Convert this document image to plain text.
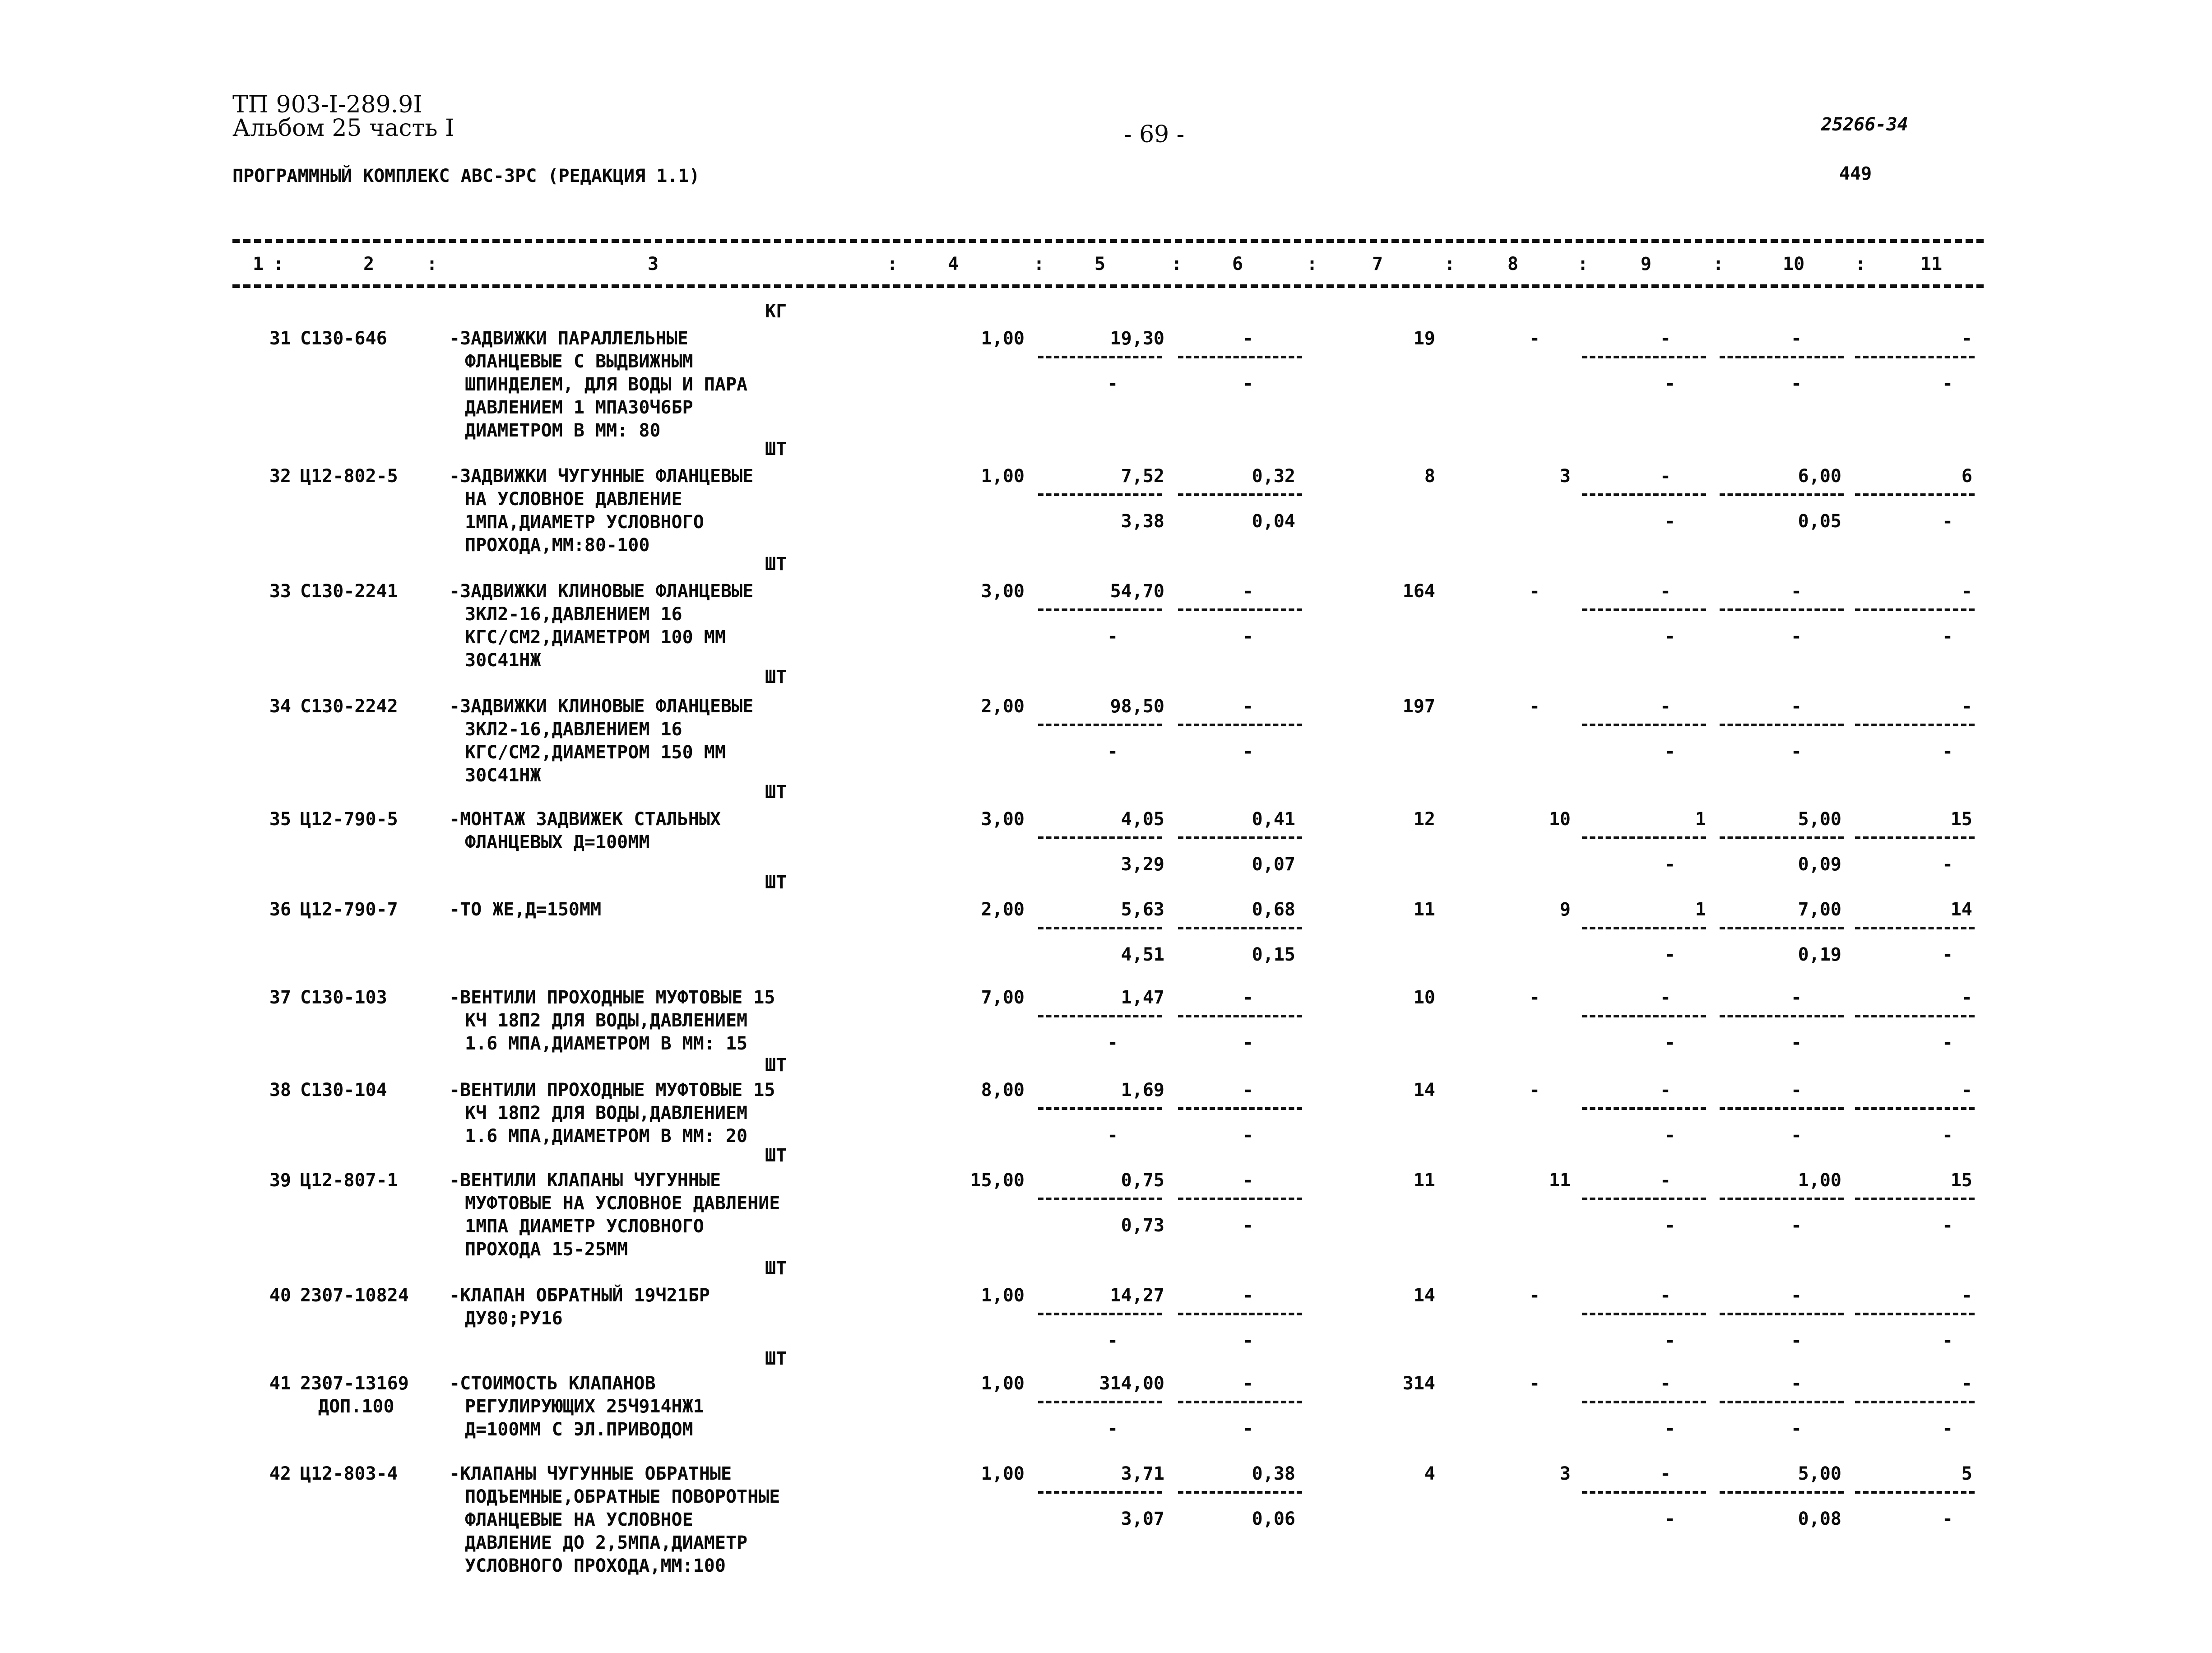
ТП 903-I-289.9I
Альбом 25 часть I	- 69 -	25266-34
ПРОГРАММНЫЙ КОМПЛЕКС АВС-3РС (РЕДАКЦИЯ 1.1)	449
1	2	3	4	5	6	7	8	9	10	11
:	:	:	:	:	:	:	:	:	:
31 С130-646	-ЗАДВИЖКИ ПАРАЛЛЕЛЬНЫЕ
ФЛАНЦЕВЫЕ С ВЫДВИЖНЫМ
ШПИНДЕЛЕМ, ДЛЯ ВОДЫ И ПАРА
ДАВЛЕНИЕМ 1 МПА30Ч6БР
ДИАМЕТРОМ В ММ: 80
КГ
1,00	19,30	-	19	-	-	-	-
-	-	-	-	-
32 Ц12-802-5	-ЗАДВИЖКИ ЧУГУННЫЕ ФЛАНЦЕВЫЕ
НА УСЛОВНОЕ ДАВЛЕНИЕ
1МПА,ДИАМЕТР УСЛОВНОГО
ПРОХОДА,ММ:80-100
ШТ
1,00	7,52	0,32	8	3	-	6,00	6
3,38	0,04	-	0,05	-
33 С130-2241	-ЗАДВИЖКИ КЛИНОВЫЕ ФЛАНЦЕВЫЕ
ЗКЛ2-16,ДАВЛЕНИЕМ 16
КГС/СМ2,ДИАМЕТРОМ 100 ММ
30С41НЖ
ШТ
3,00	54,70	-	164	-	-	-	-
-	-	-	-	-
34 С130-2242	-ЗАДВИЖКИ КЛИНОВЫЕ ФЛАНЦЕВЫЕ
ЗКЛ2-16,ДАВЛЕНИЕМ 16
КГС/СМ2,ДИАМЕТРОМ 150 ММ
30С41НЖ
ШТ
2,00	98,50	-	197	-	-	-	-
-	-	-	-	-
35 Ц12-790-5	-МОНТАЖ ЗАДВИЖЕК СТАЛЬНЫХ
ФЛАНЦЕВЫХ Д=100ММ
ШТ
3,00	4,05	0,41	12	10	1	5,00	15
3,29	0,07	-	0,09	-
36 Ц12-790-7	-ТО ЖЕ,Д=150ММ
ШТ
2,00	5,63	0,68	11	9	1	7,00	14
4,51	0,15	-	0,19	-
37 С130-103	-ВЕНТИЛИ ПРОХОДНЫЕ МУФТОВЫЕ 15
КЧ 18П2 ДЛЯ ВОДЫ,ДАВЛЕНИЕМ
1.6 МПА,ДИАМЕТРОМ В ММ: 15
7,00	1,47	-	10	-	-	-	-
-	-	-	-	-
38 С130-104	-ВЕНТИЛИ ПРОХОДНЫЕ МУФТОВЫЕ 15
КЧ 18П2 ДЛЯ ВОДЫ,ДАВЛЕНИЕМ
1.6 МПА,ДИАМЕТРОМ В ММ: 20
ШТ
8,00	1,69	-	14	-	-	-	-
-	-	-	-	-
39 Ц12-807-1	-ВЕНТИЛИ КЛАПАНЫ ЧУГУННЫЕ
МУФТОВЫЕ НА УСЛОВНОЕ ДАВЛЕНИЕ
1МПА ДИАМЕТР УСЛОВНОГО
ПРОХОДА 15-25ММ
ШТ
15,00	0,75	-	11	11	-	1,00	15
0,73	-	-	-	-
40 2307-10824 -КЛАПАН ОБРАТНЫЙ 19Ч21БР
ДУ80;РУ16
ШТ
1,00	14,27	-	14	-	-	-	-
-	-	-	-	-
41 2307-13169
ДОП.100
-СТОИМОСТЬ КЛАПАНОВ
РЕГУЛИРУЮЩИХ 25Ч914НЖ1
Д=100ММ С ЭЛ.ПРИВОДОМ
ШТ
1,00	314,00	-	314	-	-	-	-
-	-	-	-	-
42 Ц12-803-4	-КЛАПАНЫ ЧУГУННЫЕ ОБРАТНЫЕ
ПОДЪЕМНЫЕ,ОБРАТНЫЕ ПОВОРОТНЫЕ
ФЛАНЦЕВЫЕ НА УСЛОВНОЕ
ДАВЛЕНИЕ ДО 2,5МПА,ДИАМЕТР
УСЛОВНОГО ПРОХОДА,ММ:100
1,00	3,71	0,38	4	3	-	5,00	5
3,07	0,06	-	0,08	-
